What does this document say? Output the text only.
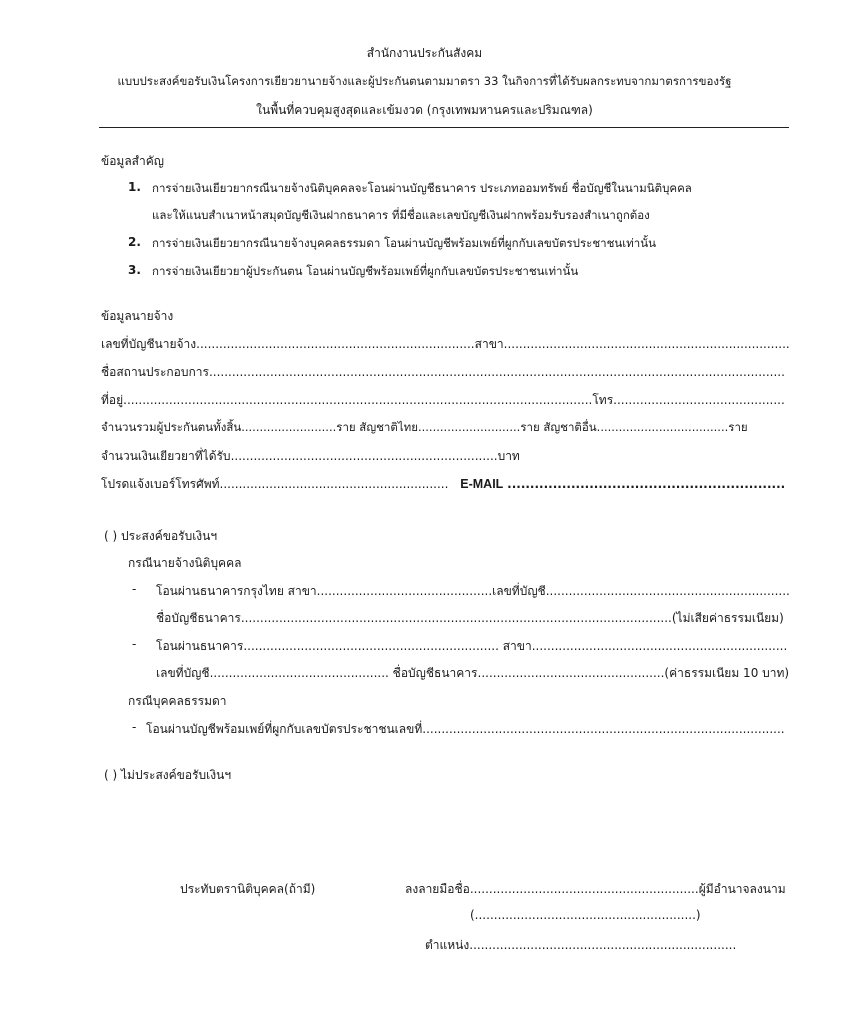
สำนักงานประกันสังคม
แบบประสงค์ขอรับเงินโครงการเยียวยานายจ้างและผู้ประกันตนตามมาตรา 33 ในกิจการที่ได้รับผลกระทบจากมาตรการของรัฐ
ในพื้นที่ควบคุมสูงสุดและเข้มงวด (กรุงเทพมหานครและปริมณฑล)
ข้อมูลสำคัญ
1. การจ่ายเงินเยียวยากรณีนายจ้างนิติบุคคลจะโอนผ่านบัญชีธนาคาร ประเภทออมทรัพย์ ชื่อบัญชีในนามนิติบุคคล
และให้แนบสำเนาหน้าสมุดบัญชีเงินฝากธนาคาร ที่มีชื่อและเลขบัญชีเงินฝากพร้อมรับรองสำเนาถูกต้อง
2. การจ่ายเงินเยียวยากรณีนายจ้างบุคคลธรรมดา โอนผ่านบัญชีพร้อมเพย์ที่ผูกกับเลขบัตรประชาชนเท่านั้น
3. การจ่ายเงินเยียวยาผู้ประกันตน โอนผ่านบัญชีพร้อมเพย์ที่ผูกกับเลขบัตรประชาชนเท่านั้น
ข้อมูลนายจ้าง
เลขที่บัญชีนายจ้าง.........................................................................สาขา...........................................................................
ชื่อสถานประกอบการ.......................................................................................................................................................
ที่อยู่...........................................................................................................................โทร.............................................
จำนวนรวมผู้ประกันตนทั้งสิ้น..........................ราย สัญชาติไทย............................ราย สัญชาติอื่น....................................ราย
จำนวนเงินเยียวยาที่ได้รับ......................................................................บาท
โปรดแจ้งเบอร์โทรศัพท์............................................................ E-MAIL .............................................................
( ) ประสงค์ขอรับเงินฯ
กรณีนายจ้างนิติบุคคล
- โอนผ่านธนาคารกรุงไทย สาขา..............................................เลขที่บัญชี................................................................
ชื่อบัญชีธนาคาร.................................................................................................................(ไม่เสียค่าธรรมเนียม)
- โอนผ่านธนาคาร................................................................... สาขา...................................................................
เลขที่บัญชี............................................... ชื่อบัญชีธนาคาร.................................................(ค่าธรรมเนียม 10 บาท)
กรณีบุคคลธรรมดา
- โอนผ่านบัญชีพร้อมเพย์ที่ผูกกับเลขบัตรประชาชนเลขที่...............................................................................................
( ) ไม่ประสงค์ขอรับเงินฯ
ประทับตรานิติบุคคล(ถ้ามี)	ลงลายมือชื่อ............................................................ผู้มีอำนาจลงนาม
(..........................................................)
ตำแหน่ง......................................................................
